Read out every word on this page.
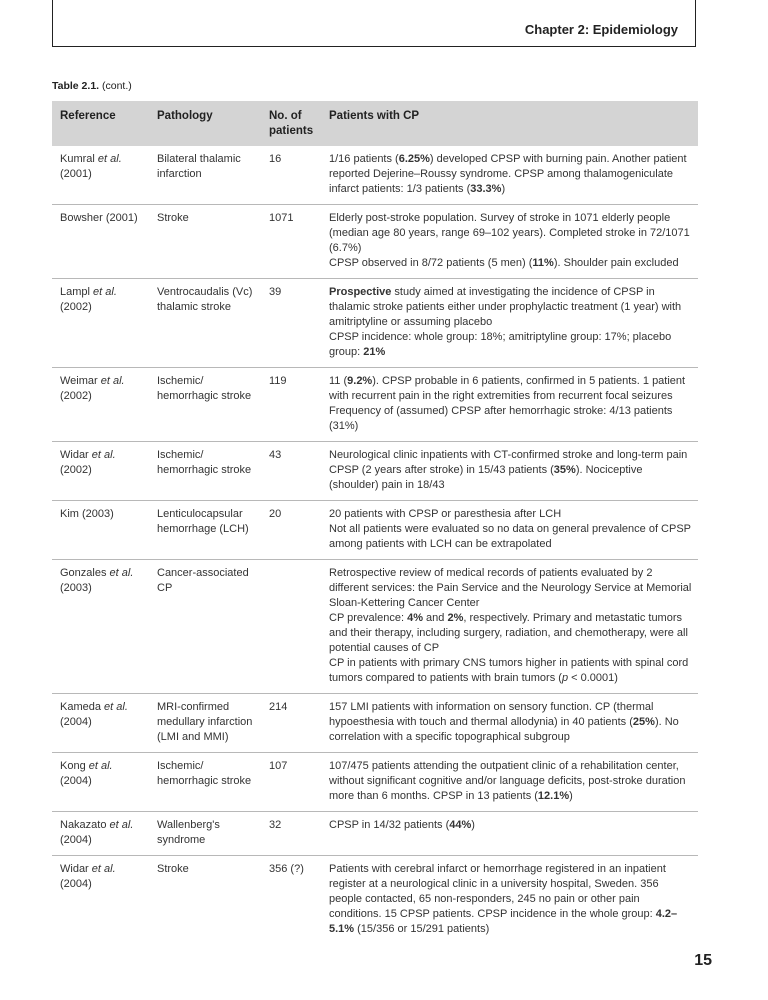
Chapter 2: Epidemiology
Table 2.1. (cont.)
Reference	Pathology	No. of patients	Patients with CP
Kumral et al.
(2001)	Bilateral thalamic infarction	16	1/16 patients (6.25%) developed CPSP with burning pain. Another patient reported Dejerine–Roussy syndrome. CPSP among thalamogeniculate infarct patients: 1/3 patients (33.3%)
Bowsher (2001)	Stroke	1071	Elderly post-stroke population. Survey of stroke in 1071 elderly people (median age 80 years, range 69–102 years). Completed stroke in 72/1071 (6.7%)
CPSP observed in 8/72 patients (5 men) (11%). Shoulder pain excluded
Lampl et al.
(2002)	Ventrocaudalis (Vc) thalamic stroke	39	Prospective study aimed at investigating the incidence of CPSP in thalamic stroke patients either under prophylactic treatment (1 year) with amitriptyline or assuming placebo
CPSP incidence: whole group: 18%; amitriptyline group: 17%; placebo group: 21%
Weimar et al.
(2002)	Ischemic/ hemorrhagic stroke	119	11 (9.2%). CPSP probable in 6 patients, confirmed in 5 patients. 1 patient with recurrent pain in the right extremities from recurrent focal seizures
Frequency of (assumed) CPSP after hemorrhagic stroke: 4/13 patients (31%)
Widar et al.
(2002)	Ischemic/ hemorrhagic stroke	43	Neurological clinic inpatients with CT-confirmed stroke and long-term pain
CPSP (2 years after stroke) in 15/43 patients (35%). Nociceptive (shoulder) pain in 18/43
Kim (2003)	Lenticulocapsular hemorrhage (LCH)	20	20 patients with CPSP or paresthesia after LCH
Not all patients were evaluated so no data on general prevalence of CPSP among patients with LCH can be extrapolated
Gonzales et al.
(2003)	Cancer-associated CP		Retrospective review of medical records of patients evaluated by 2 different services: the Pain Service and the Neurology Service at Memorial Sloan-Kettering Cancer Center
CP prevalence: 4% and 2%, respectively. Primary and metastatic tumors and their therapy, including surgery, radiation, and chemotherapy, were all potential causes of CP
CP in patients with primary CNS tumors higher in patients with spinal cord tumors compared to patients with brain tumors (p < 0.0001)
Kameda et al.
(2004)	MRI-confirmed medullary infarction (LMI and MMI)	214	157 LMI patients with information on sensory function. CP (thermal hypoesthesia with touch and thermal allodynia) in 40 patients (25%). No correlation with a specific topographical subgroup
Kong et al.
(2004)	Ischemic/ hemorrhagic stroke	107	107/475 patients attending the outpatient clinic of a rehabilitation center, without significant cognitive and/or language deficits, post-stroke duration more than 6 months. CPSP in 13 patients (12.1%)
Nakazato et al.
(2004)	Wallenberg's syndrome	32	CPSP in 14/32 patients (44%)
Widar et al.
(2004)	Stroke	356 (?)	Patients with cerebral infarct or hemorrhage registered in an inpatient register at a neurological clinic in a university hospital, Sweden. 356 people contacted, 65 non-responders, 245 no pain or other pain conditions. 15 CPSP patients. CPSP incidence in the whole group: 4.2–5.1% (15/356 or 15/291 patients)
15
